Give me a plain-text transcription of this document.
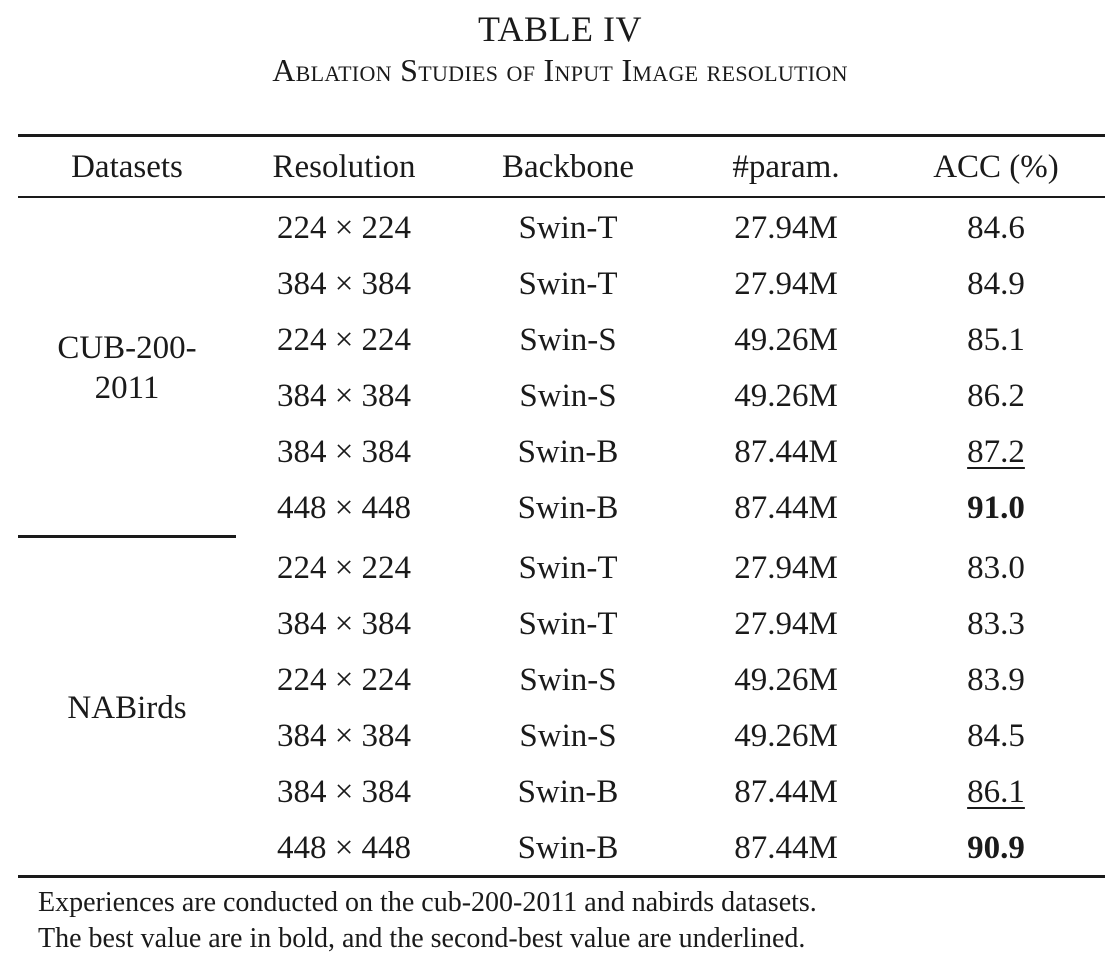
TABLE IV
Ablation Studies of Input Image resolution
Datasets	Resolution	Backbone	#param.	ACC (%)
CUB-200-
2011
224 × 224	Swin-T	27.94M	84.6
384 × 384	Swin-T	27.94M	84.9
224 × 224	Swin-S	49.26M	85.1
384 × 384	Swin-S	49.26M	86.2
384 × 384	Swin-B	87.44M	87.2
448 × 448	Swin-B	87.44M	91.0
NABirds
224 × 224	Swin-T	27.94M	83.0
384 × 384	Swin-T	27.94M	83.3
224 × 224	Swin-S	49.26M	83.9
384 × 384	Swin-S	49.26M	84.5
384 × 384	Swin-B	87.44M	86.1
448 × 448	Swin-B	87.44M	90.9
Experiences are conducted on the cub-200-2011 and nabirds datasets.
The best value are in bold, and the second-best value are underlined.
